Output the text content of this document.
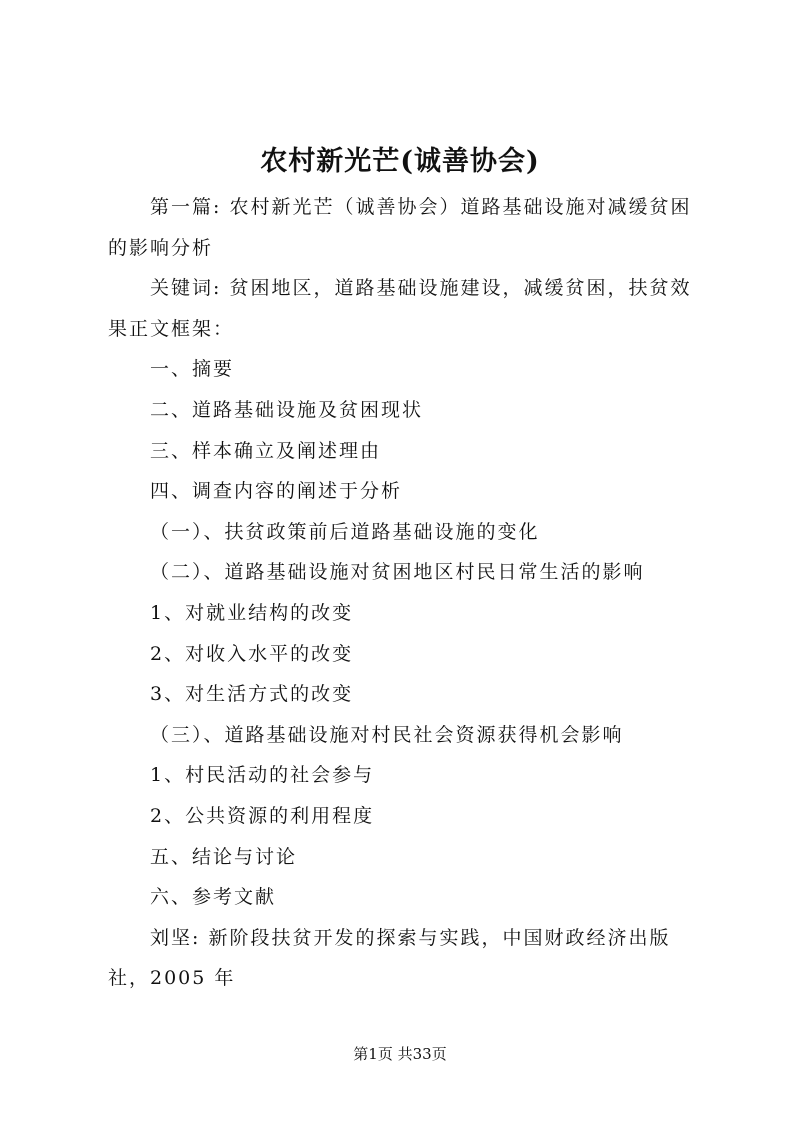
农村新光芒(诚善协会)

第一篇: 农村新光芒（诚善协会）道路基础设施对减缓贫困的影响分析

关键词: 贫困地区，道路基础设施建设，减缓贫困，扶贫效果正文框架：

一、摘要

二、道路基础设施及贫困现状

三、样本确立及阐述理由

四、调查内容的阐述于分析

（一）、扶贫政策前后道路基础设施的变化

（二）、道路基础设施对贫困地区村民日常生活的影响

1、对就业结构的改变

2、对收入水平的改变

3、对生活方式的改变

（三）、道路基础设施对村民社会资源获得机会影响

1、村民活动的社会参与

2、公共资源的利用程度

五、结论与讨论

六、参考文献

刘坚: 新阶段扶贫开发的探索与实践，中国财政经济出版社，2005 年

第1页 共33页
